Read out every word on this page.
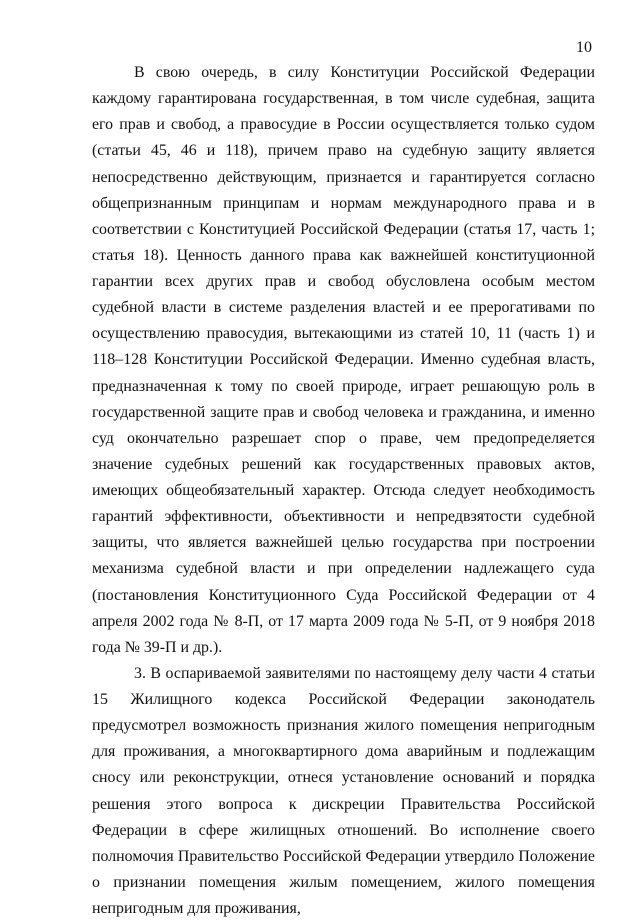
10

В свою очередь, в силу Конституции Российской Федерации каждому гарантирована государственная, в том числе судебная, защита его прав и свобод, а правосудие в России осуществляется только судом (статьи 45, 46 и 118), причем право на судебную защиту является непосредственно действующим, признается и гарантируется согласно общепризнанным принципам и нормам международного права и в соответствии с Конституцией Российской Федерации (статья 17, часть 1; статья 18). Ценность данного права как важнейшей конституционной гарантии всех других прав и свобод обусловлена особым местом судебной власти в системе разделения властей и ее прерогативами по осуществлению правосудия, вытекающими из статей 10, 11 (часть 1) и 118–128 Конституции Российской Федерации. Именно судебная власть, предназначенная к тому по своей природе, играет решающую роль в государственной защите прав и свобод человека и гражданина, и именно суд окончательно разрешает спор о праве, чем предопределяется значение судебных решений как государственных правовых актов, имеющих общеобязательный характер. Отсюда следует необходимость гарантий эффективности, объективности и непредвзятости судебной защиты, что является важнейшей целью государства при построении механизма судебной власти и при определении надлежащего суда (постановления Конституционного Суда Российской Федерации от 4 апреля 2002 года № 8-П, от 17 марта 2009 года № 5-П, от 9 ноября 2018 года № 39-П и др.).

3. В оспариваемой заявителями по настоящему делу части 4 статьи 15 Жилищного кодекса Российской Федерации законодатель предусмотрел возможность признания жилого помещения непригодным для проживания, а многоквартирного дома аварийным и подлежащим сносу или реконструкции, отнеся установление оснований и порядка решения этого вопроса к дискреции Правительства Российской Федерации в сфере жилищных отношений. Во исполнение своего полномочия Правительство Российской Федерации утвердило Положение о признании помещения жилым помещением, жилого помещения непригодным для проживания,
